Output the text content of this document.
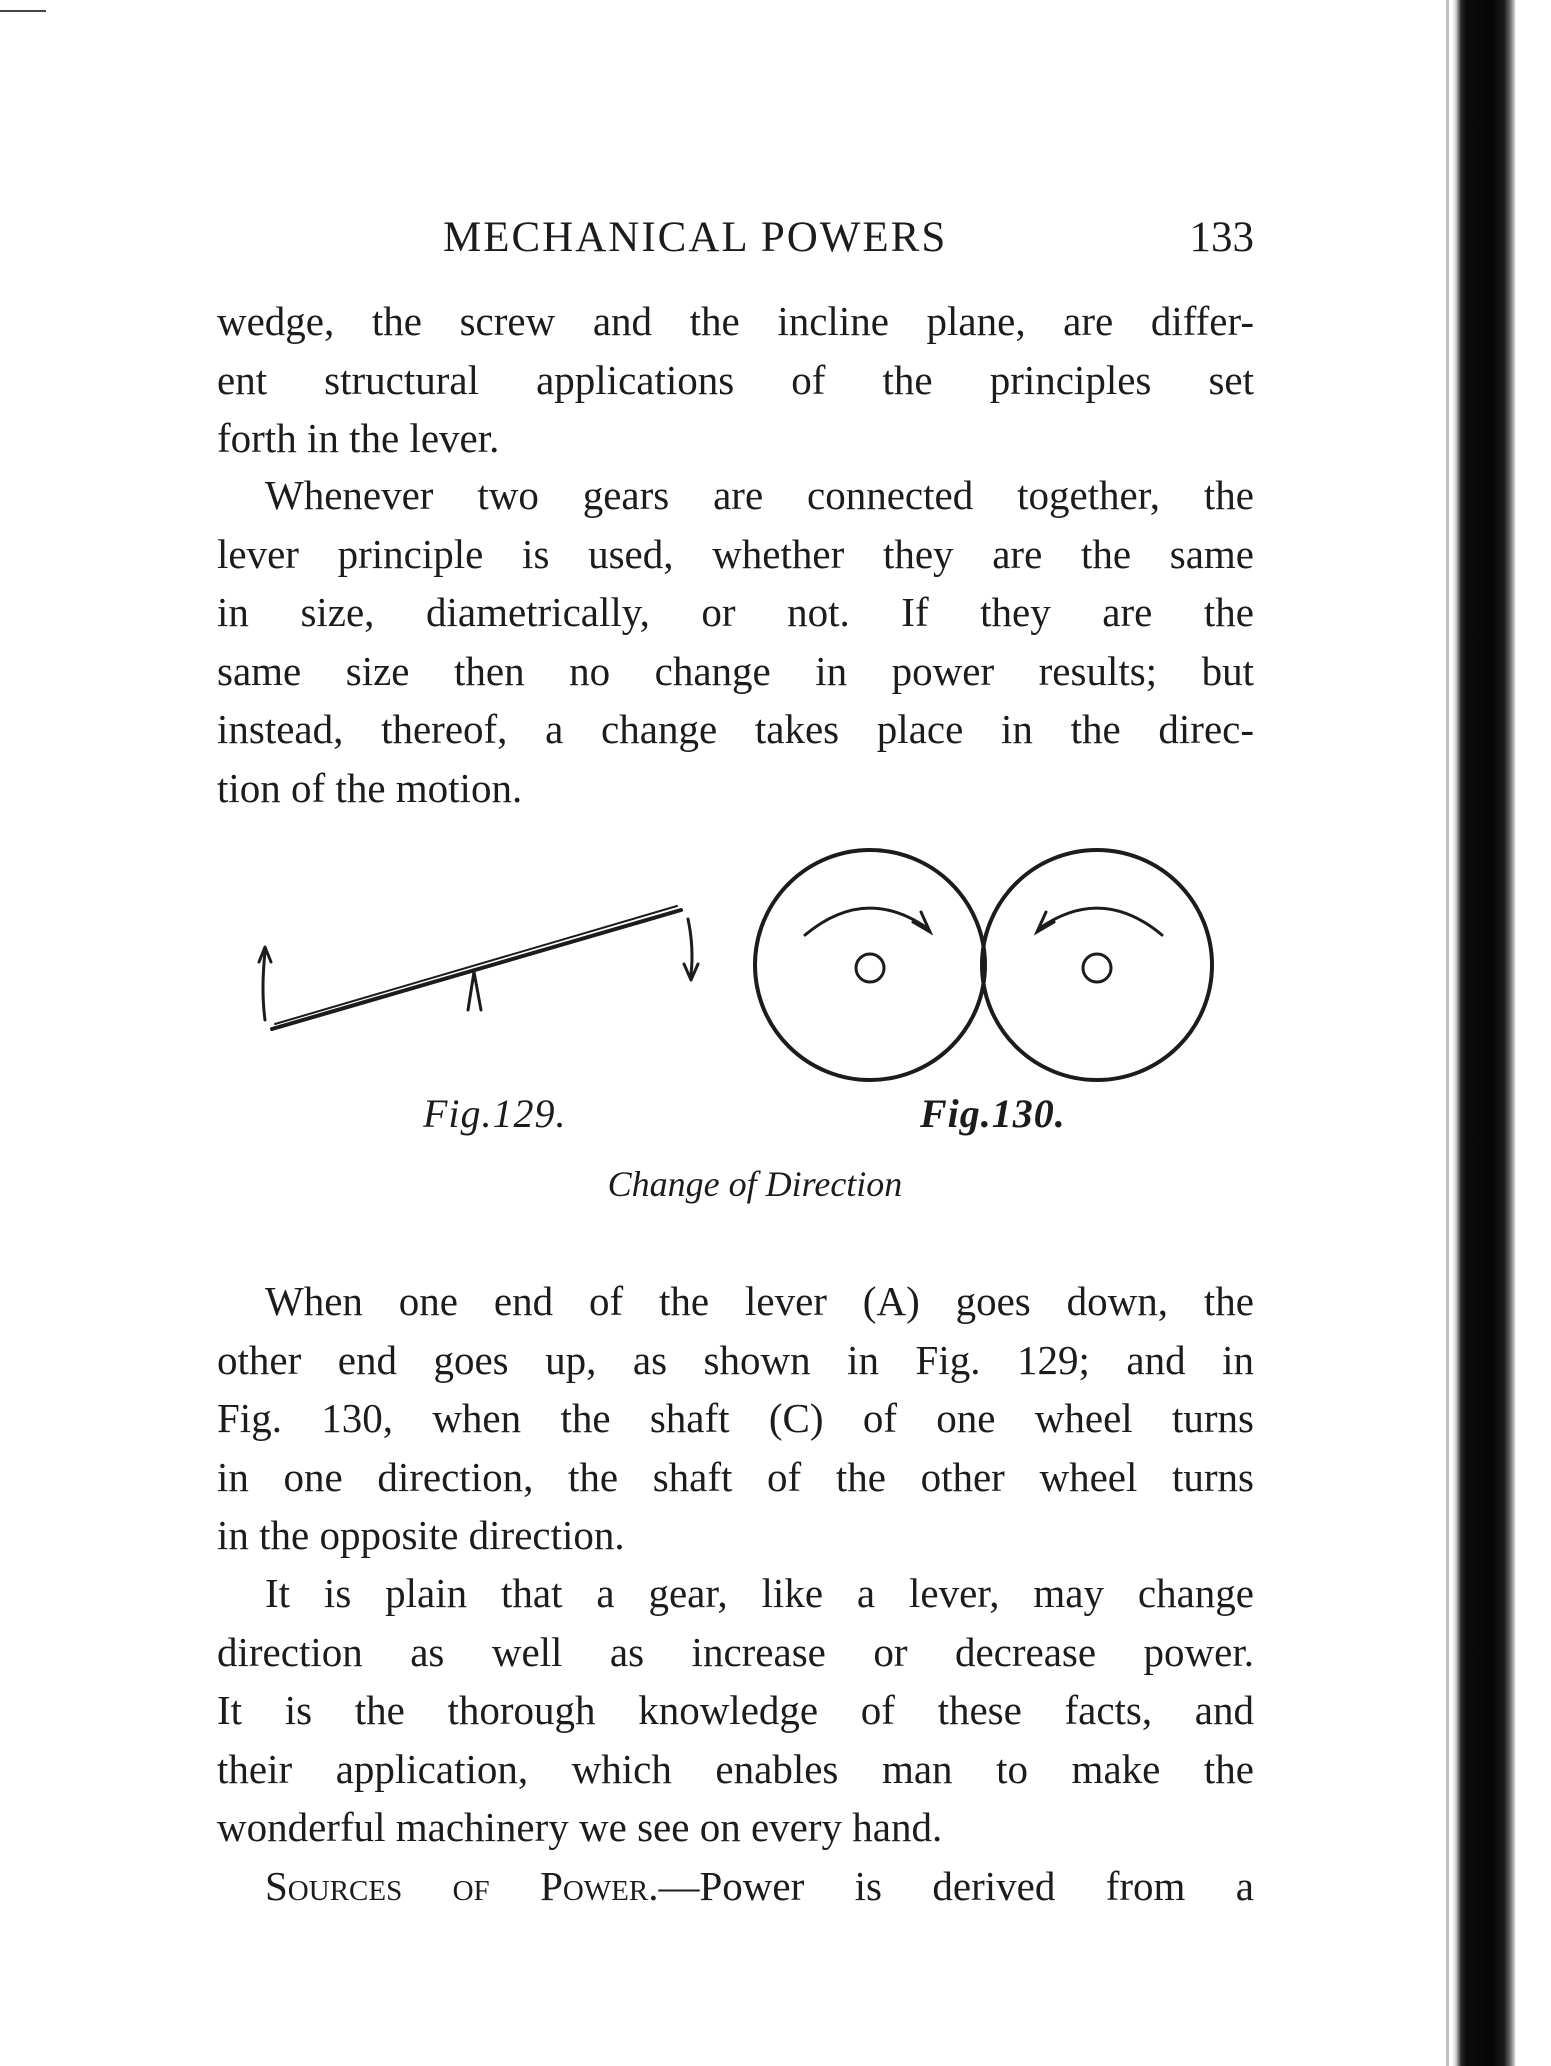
MECHANICAL POWERS	133
wedge, the screw and the incline plane, are differ-
ent structural applications of the principles set
forth in the lever.
Whenever two gears are connected together, the
lever principle is used, whether they are the same
in size, diametrically, or not. If they are the
same size then no change in power results; but
instead, thereof, a change takes place in the direc-
tion of the motion.
Fig.129.	Fig.130.
Change of Direction
When one end of the lever (A) goes down, the
other end goes up, as shown in Fig. 129; and in
Fig. 130, when the shaft (C) of one wheel turns
in one direction, the shaft of the other wheel turns
in the opposite direction.
It is plain that a gear, like a lever, may change
direction as well as increase or decrease power.
It is the thorough knowledge of these facts, and
their application, which enables man to make the
wonderful machinery we see on every hand.
Sources of Power.—Power is derived from a
